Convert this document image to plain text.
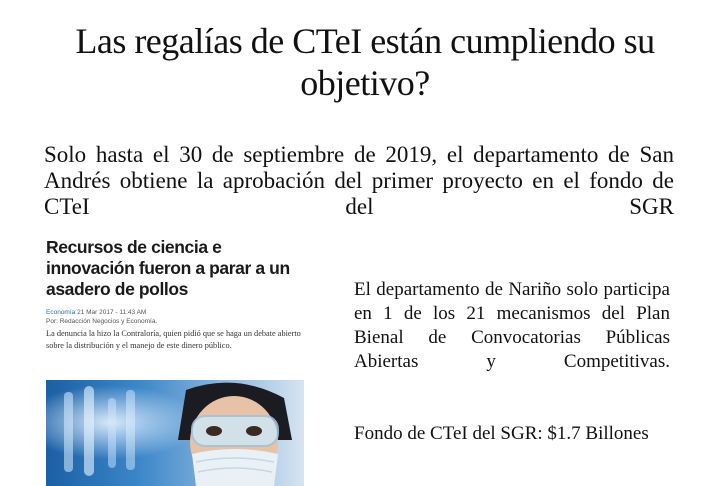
Las regalías de CTeI están cumpliendo su objetivo?

Solo hasta el 30 de septiembre de 2019, el departamento de San Andrés obtiene la aprobación del primer proyecto en el fondo de CTeI del SGR

Recursos de ciencia e innovación fueron a parar a un asadero de pollos
Economía 21 Mar 2017 - 11:43 AM
Por: Redacción Negocios y Economía.
La denuncia la hizo la Contraloría, quien pidió que se haga un debate abierto sobre la distribución y el manejo de este dinero público.

El departamento de Nariño solo participa en 1 de los 21 mecanismos del Plan Bienal de Convocatorias Públicas Abiertas y Competitivas.

Fondo de CTeI del SGR: $1.7 Billones
